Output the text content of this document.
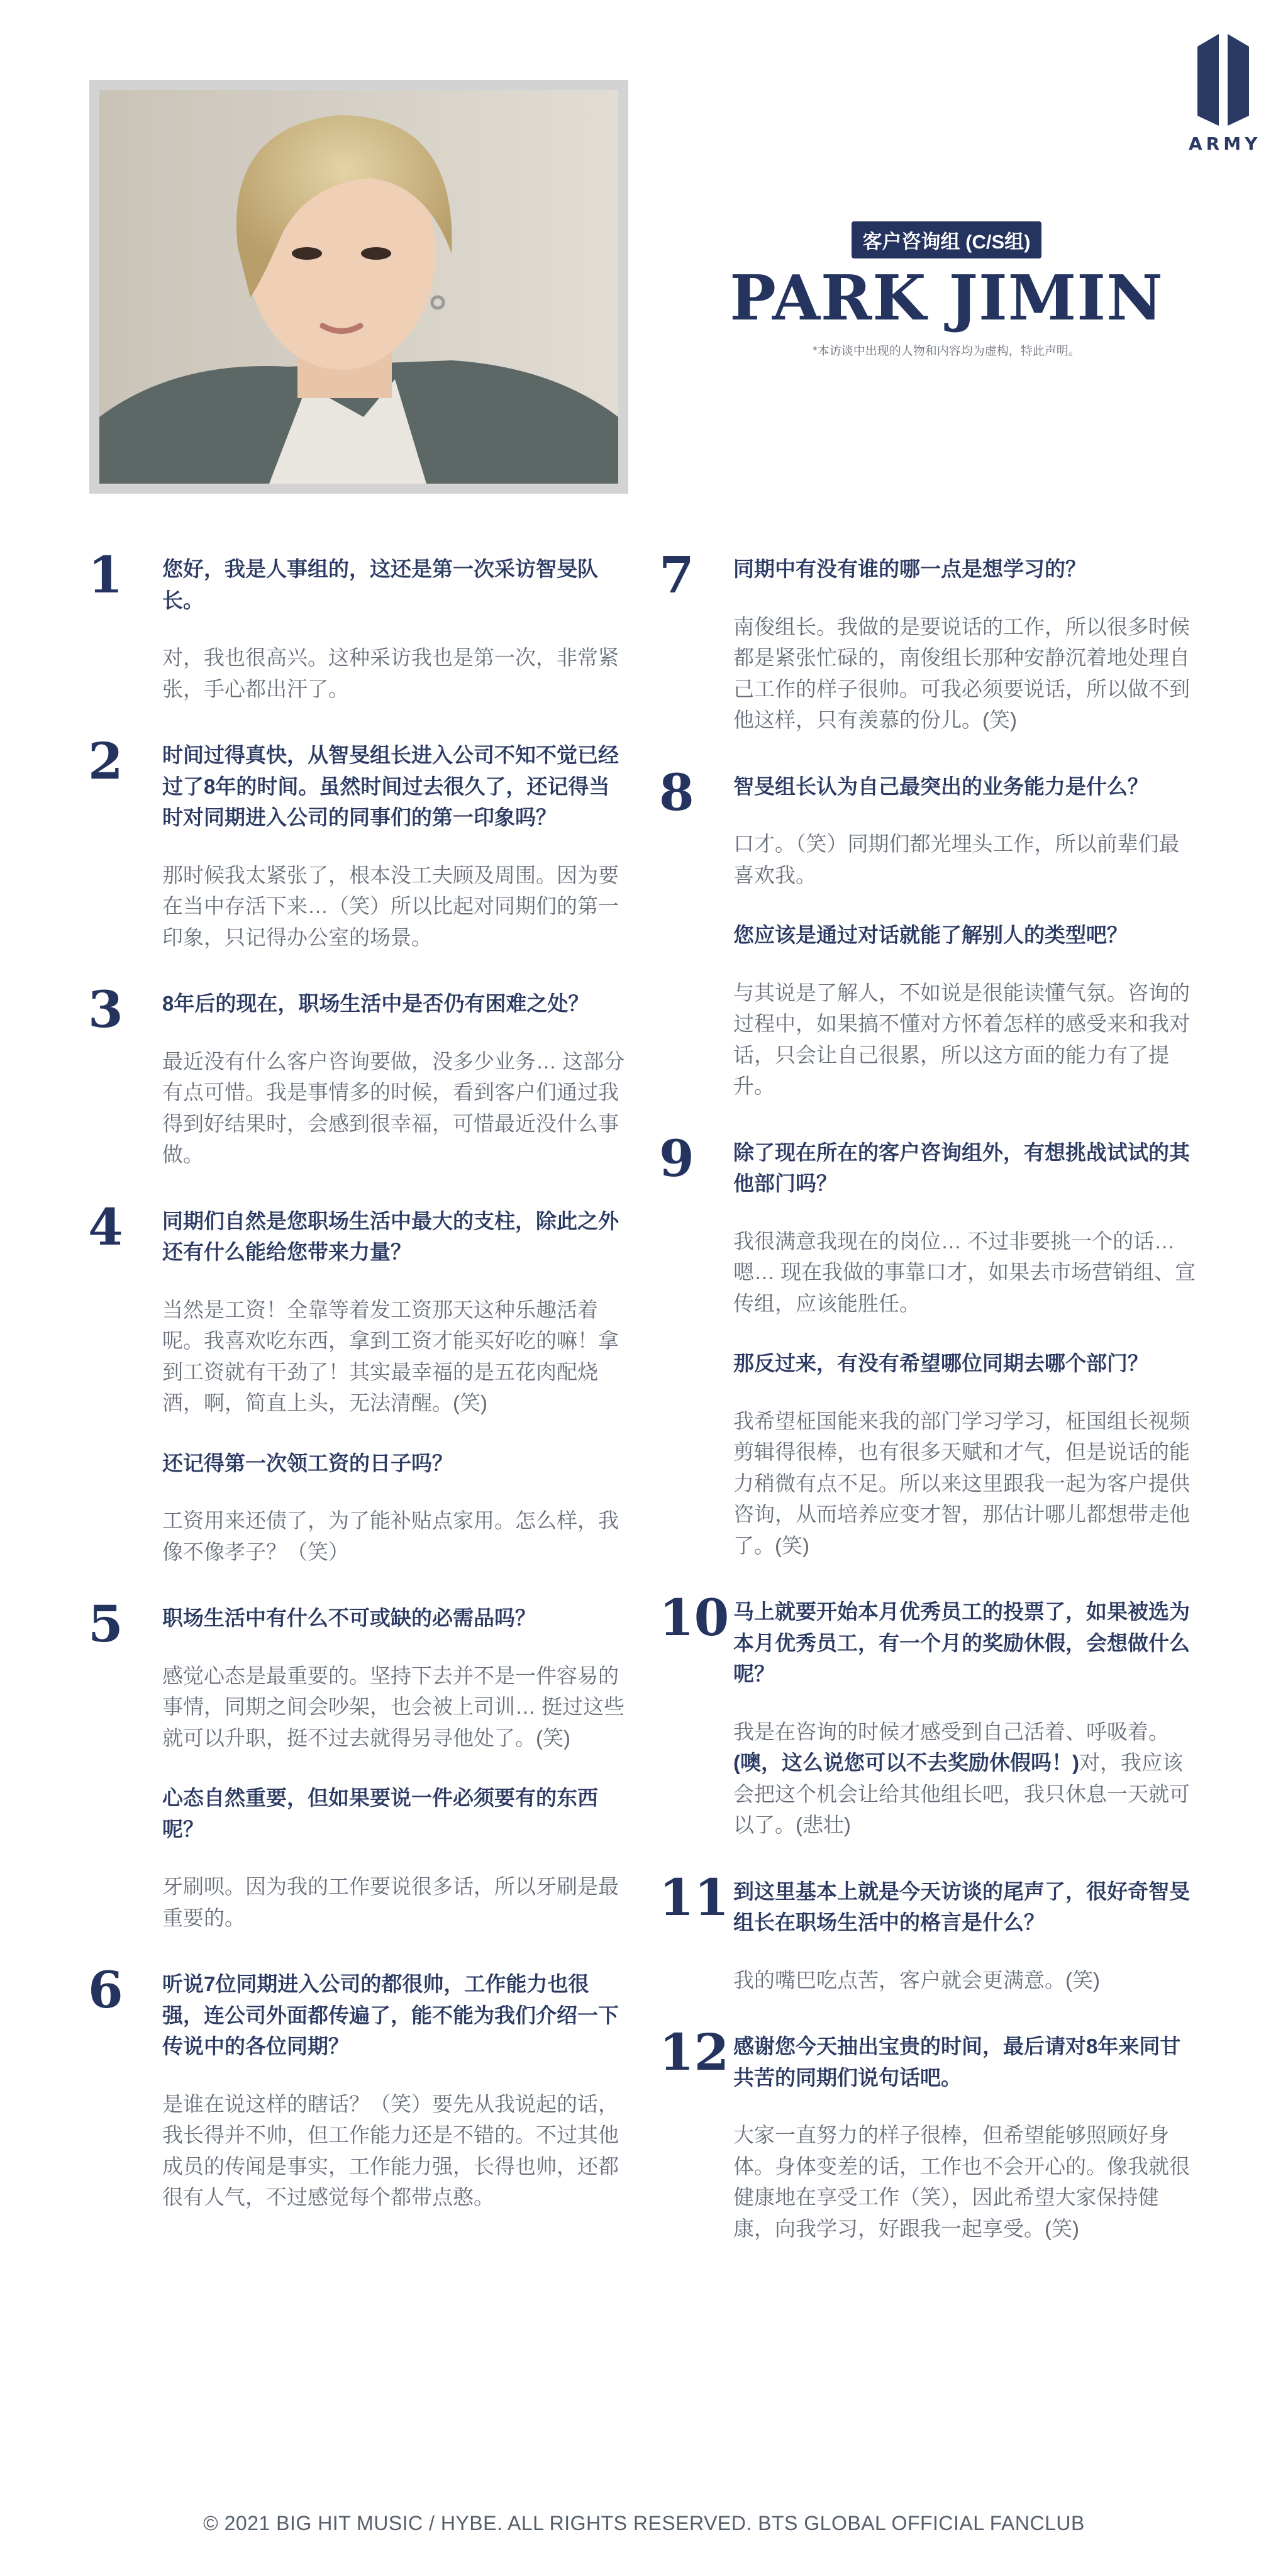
ARMY
客户咨询组 (C/S组)
PARK JIMIN
*本访谈中出现的人物和内容均为虚构，特此声明。
1 您好，我是人事组的，这还是第一次采访智旻队长。

对，我也很高兴。这种采访我也是第一次，非常紧张，手心都出汗了。

2 时间过得真快，从智旻组长进入公司不知不觉已经过了8年的时间。虽然时间过去很久了，还记得当时对同期进入公司的同事们的第一印象吗？

那时候我太紧张了，根本没工夫顾及周围。因为要在当中存活下来…（笑）所以比起对同期们的第一印象，只记得办公室的场景。

3 8年后的现在，职场生活中是否仍有困难之处？

最近没有什么客户咨询要做，没多少业务… 这部分有点可惜。我是事情多的时候，看到客户们通过我得到好结果时，会感到很幸福，可惜最近没什么事做。

4 同期们自然是您职场生活中最大的支柱，除此之外还有什么能给您带来力量？

当然是工资！全靠等着发工资那天这种乐趣活着呢。我喜欢吃东西，拿到工资才能买好吃的嘛！拿到工资就有干劲了！其实最幸福的是五花肉配烧酒，啊，简直上头，无法清醒。(笑)

还记得第一次领工资的日子吗？

工资用来还债了，为了能补贴点家用。怎么样，我像不像孝子？（笑）

5 职场生活中有什么不可或缺的必需品吗？

感觉心态是最重要的。坚持下去并不是一件容易的事情，同期之间会吵架，也会被上司训… 挺过这些就可以升职，挺不过去就得另寻他处了。(笑)

心态自然重要，但如果要说一件必须要有的东西呢？

牙刷呗。因为我的工作要说很多话，所以牙刷是最重要的。

6 听说7位同期进入公司的都很帅，工作能力也很强，连公司外面都传遍了，能不能为我们介绍一下传说中的各位同期？

是谁在说这样的瞎话？（笑）要先从我说起的话，我长得并不帅，但工作能力还是不错的。不过其他成员的传闻是事实，工作能力强，长得也帅，还都很有人气，不过感觉每个都带点憨。

7 同期中有没有谁的哪一点是想学习的？

南俊组长。我做的是要说话的工作，所以很多时候都是紧张忙碌的，南俊组长那种安静沉着地处理自己工作的样子很帅。可我必须要说话，所以做不到他这样，只有羡慕的份儿。(笑)

8 智旻组长认为自己最突出的业务能力是什么？

口才。（笑）同期们都光埋头工作，所以前辈们最喜欢我。

您应该是通过对话就能了解别人的类型吧？

与其说是了解人，不如说是很能读懂气氛。咨询的过程中，如果搞不懂对方怀着怎样的感受来和我对话，只会让自己很累，所以这方面的能力有了提升。

9 除了现在所在的客户咨询组外，有想挑战试试的其他部门吗？

我很满意我现在的岗位… 不过非要挑一个的话… 嗯… 现在我做的事靠口才，如果去市场营销组、宣传组，应该能胜任。

那反过来，有没有希望哪位同期去哪个部门？

我希望柾国能来我的部门学习学习，柾国组长视频剪辑得很棒，也有很多天赋和才气，但是说话的能力稍微有点不足。所以来这里跟我一起为客户提供咨询，从而培养应变才智，那估计哪儿都想带走他了。(笑)

10 马上就要开始本月优秀员工的投票了，如果被选为本月优秀员工，有一个月的奖励休假，会想做什么呢？

我是在咨询的时候才感受到自己活着、呼吸着。(噢，这么说您可以不去奖励休假吗！)对，我应该会把这个机会让给其他组长吧，我只休息一天就可以了。(悲壮)

11 到这里基本上就是今天访谈的尾声了，很好奇智旻组长在职场生活中的格言是什么？

我的嘴巴吃点苦，客户就会更满意。(笑)

12 感谢您今天抽出宝贵的时间，最后请对8年来同甘共苦的同期们说句话吧。

大家一直努力的样子很棒，但希望能够照顾好身体。身体变差的话，工作也不会开心的。像我就很健康地在享受工作（笑），因此希望大家保持健康，向我学习，好跟我一起享受。(笑)

© 2021 BIG HIT MUSIC / HYBE. ALL RIGHTS RESERVED. BTS GLOBAL OFFICIAL FANCLUB
